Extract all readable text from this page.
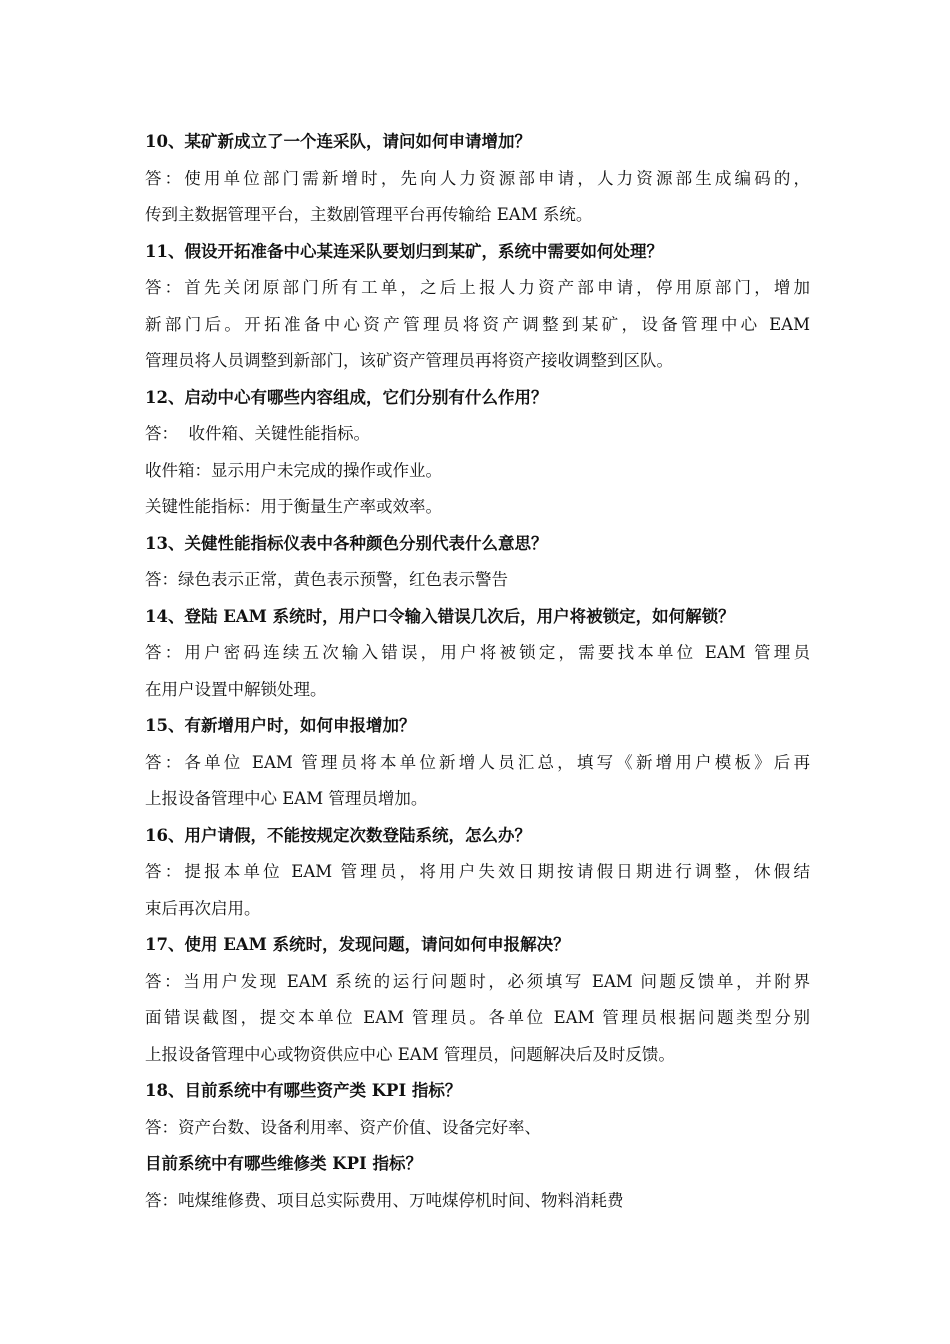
10、某矿新成立了一个连采队，请问如何申请增加？
答：使用单位部门需新增时，先向人力资源部申请，人力资源部生成编码的，
传到主数据管理平台，主数剧管理平台再传输给 EAM 系统。
11、假设开拓准备中心某连采队要划归到某矿，系统中需要如何处理？
答：首先关闭原部门所有工单，之后上报人力资产部申请，停用原部门，增加
新部门后。开拓准备中心资产管理员将资产调整到某矿，设备管理中心 EAM
管理员将人员调整到新部门，该矿资产管理员再将资产接收调整到区队。
12、启动中心有哪些内容组成，它们分别有什么作用？
答：  收件箱、关键性能指标。
收件箱：显示用户未完成的操作或作业。
关键性能指标：用于衡量生产率或效率。
13、关健性能指标仪表中各种颜色分别代表什么意思？
答：绿色表示正常，黄色表示预警，红色表示警告
14、登陆 EAM 系统时，用户口令输入错误几次后，用户将被锁定，如何解锁？
答：用户密码连续五次输入错误，用户将被锁定，需要找本单位 EAM 管理员
在用户设置中解锁处理。
15、有新增用户时，如何申报增加？
答：各单位 EAM 管理员将本单位新增人员汇总，填写《新增用户模板》后再
上报设备管理中心 EAM 管理员增加。
16、用户请假，不能按规定次数登陆系统，怎么办？
答：提报本单位 EAM 管理员，将用户失效日期按请假日期进行调整，休假结
束后再次启用。
17、使用 EAM 系统时，发现问题，请问如何申报解决？
答：当用户发现 EAM 系统的运行问题时，必须填写 EAM 问题反馈单，并附界
面错误截图，提交本单位 EAM 管理员。各单位 EAM 管理员根据问题类型分别
上报设备管理中心或物资供应中心 EAM 管理员，问题解决后及时反馈。
18、目前系统中有哪些资产类 KPI 指标？
答：资产台数、设备利用率、资产价值、设备完好率、
目前系统中有哪些维修类 KPI 指标？
答：吨煤维修费、项目总实际费用、万吨煤停机时间、物料消耗费
